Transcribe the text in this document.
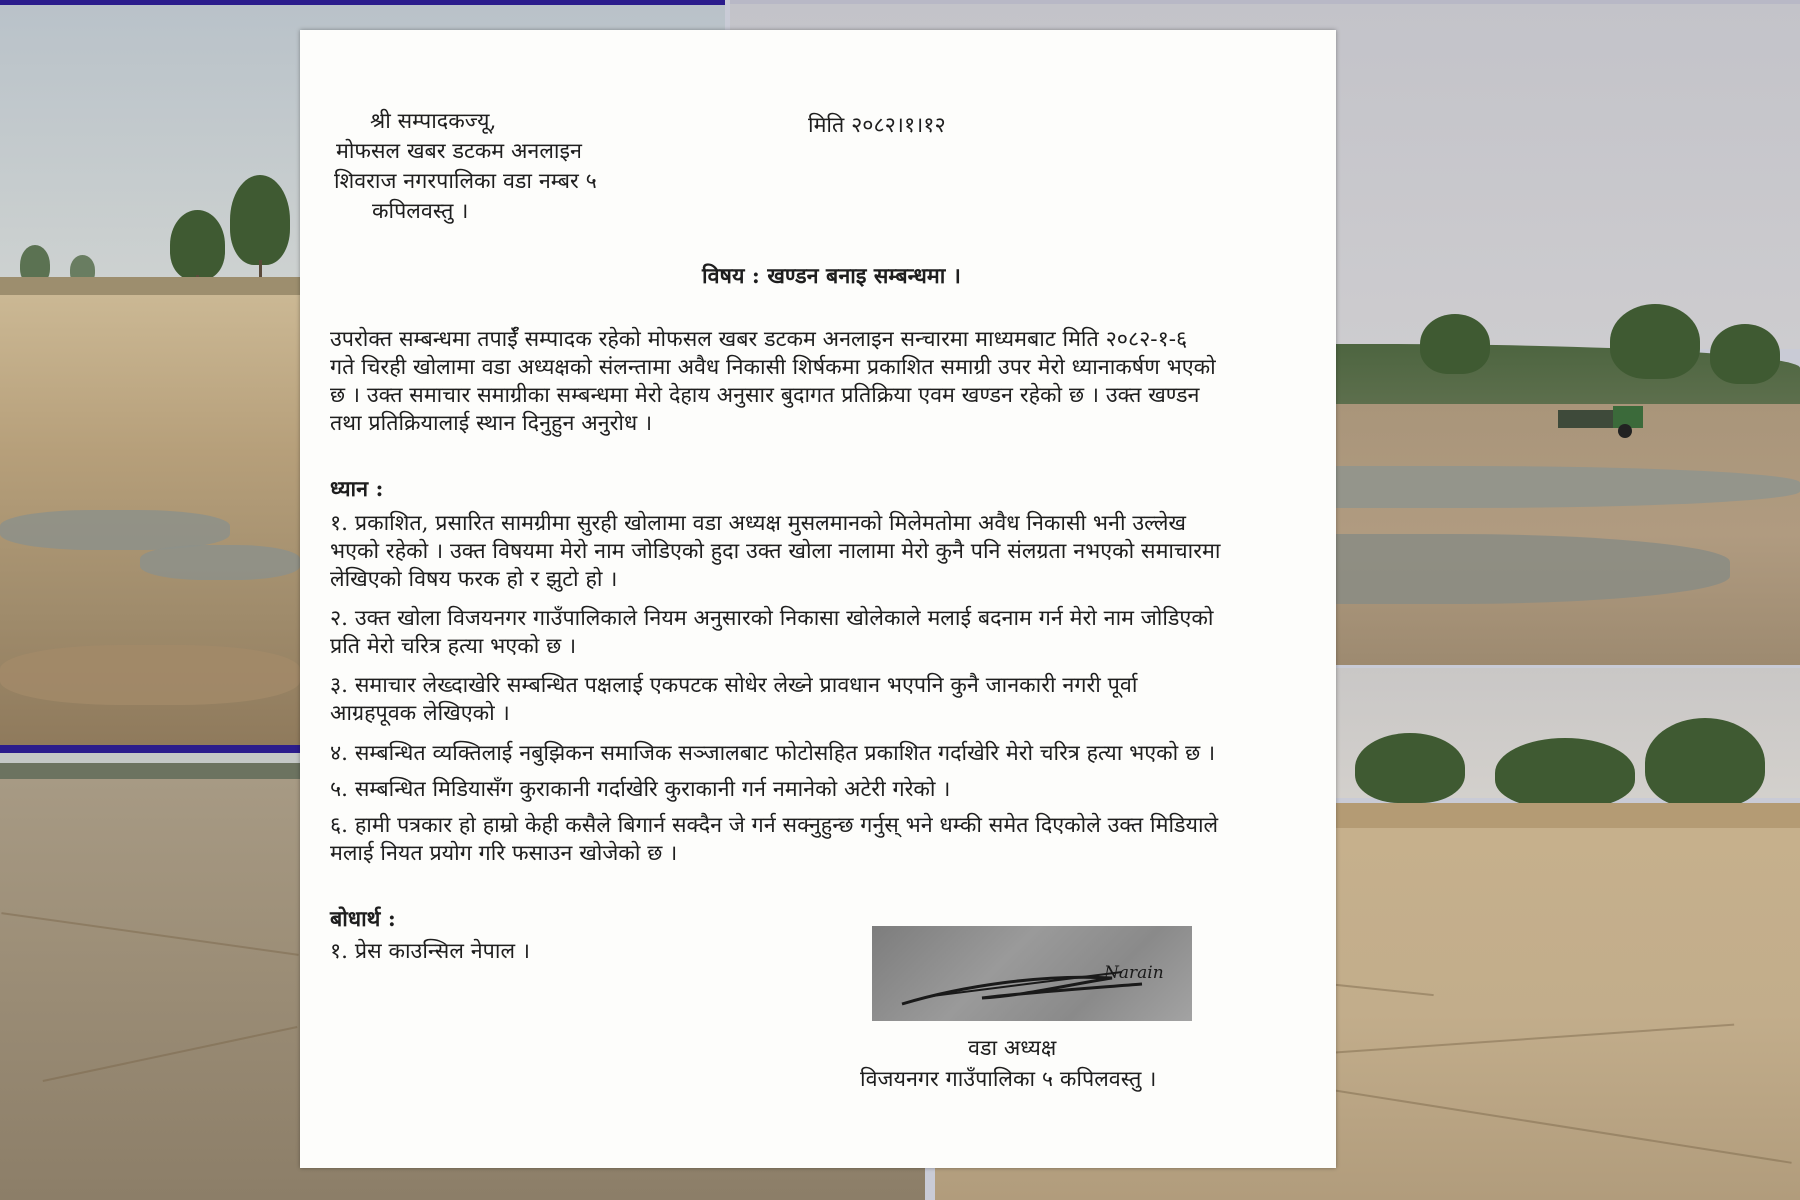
श्री सम्पादकज्यू,
मोफसल खबर डटकम अनलाइन
शिवराज नगरपालिका वडा नम्बर ५
कपिलवस्तु ।
मिति २०८२।१।१२
विषय : खण्डन बनाइ सम्बन्धमा ।
उपरोक्त सम्बन्धमा तपाईँ सम्पादक रहेको मोफसल खबर डटकम अनलाइन सन्चारमा माध्यमबाट मिति २०८२-१-६
गते चिरही खोलामा वडा अध्यक्षको संलन्तामा अवैध निकासी शिर्षकमा प्रकाशित समाग्री उपर मेरो ध्यानाकर्षण भएको
छ । उक्त समाचार समाग्रीका सम्बन्धमा मेरो देहाय अनुसार बुदागत प्रतिक्रिया एवम खण्डन रहेको छ । उक्त खण्डन
तथा प्रतिक्रियालाई स्थान दिनुहुन अनुरोध ।
ध्यान :
१. प्रकाशित, प्रसारित सामग्रीमा सुरही खोलामा वडा अध्यक्ष मुसलमानको मिलेमतोमा अवैध निकासी भनी उल्लेख
भएको रहेको । उक्त विषयमा मेरो नाम जोडिएको हुदा उक्त खोला नालामा मेरो कुनै पनि संलग्रता नभएको समाचारमा
लेखिएको विषय फरक हो र झुटो हो ।
२. उक्त खोला विजयनगर गाउँपालिकाले नियम अनुसारको निकासा खोलेकाले मलाई बदनाम गर्न मेरो नाम जोडिएको
प्रति मेरो चरित्र हत्या भएको छ ।
३. समाचार लेख्दाखेरि सम्बन्धित पक्षलाई एकपटक सोधेर लेख्ने प्रावधान भएपनि कुनै जानकारी नगरी पूर्वा
आग्रहपूवक लेखिएको ।
४. सम्बन्धित व्यक्तिलाई नबुझिकन समाजिक सञ्जालबाट फोटोसहित प्रकाशित गर्दाखेरि मेरो चरित्र हत्या भएको छ ।
५. सम्बन्धित मिडियासँग कुराकानी गर्दाखेरि कुराकानी गर्न नमानेको अटेरी गरेको ।
६. हामी पत्रकार हो हाम्रो केही कसैले बिगार्न सक्दैन जे गर्न सक्नुहुन्छ गर्नुस् भने धम्की समेत दिएकोले उक्त मिडियाले
मलाई नियत प्रयोग गरि फसाउन खोजेको छ ।
बोधार्थ :
१. प्रेस काउन्सिल नेपाल ।
Narain
वडा अध्यक्ष
विजयनगर गाउँपालिका ५ कपिलवस्तु ।
